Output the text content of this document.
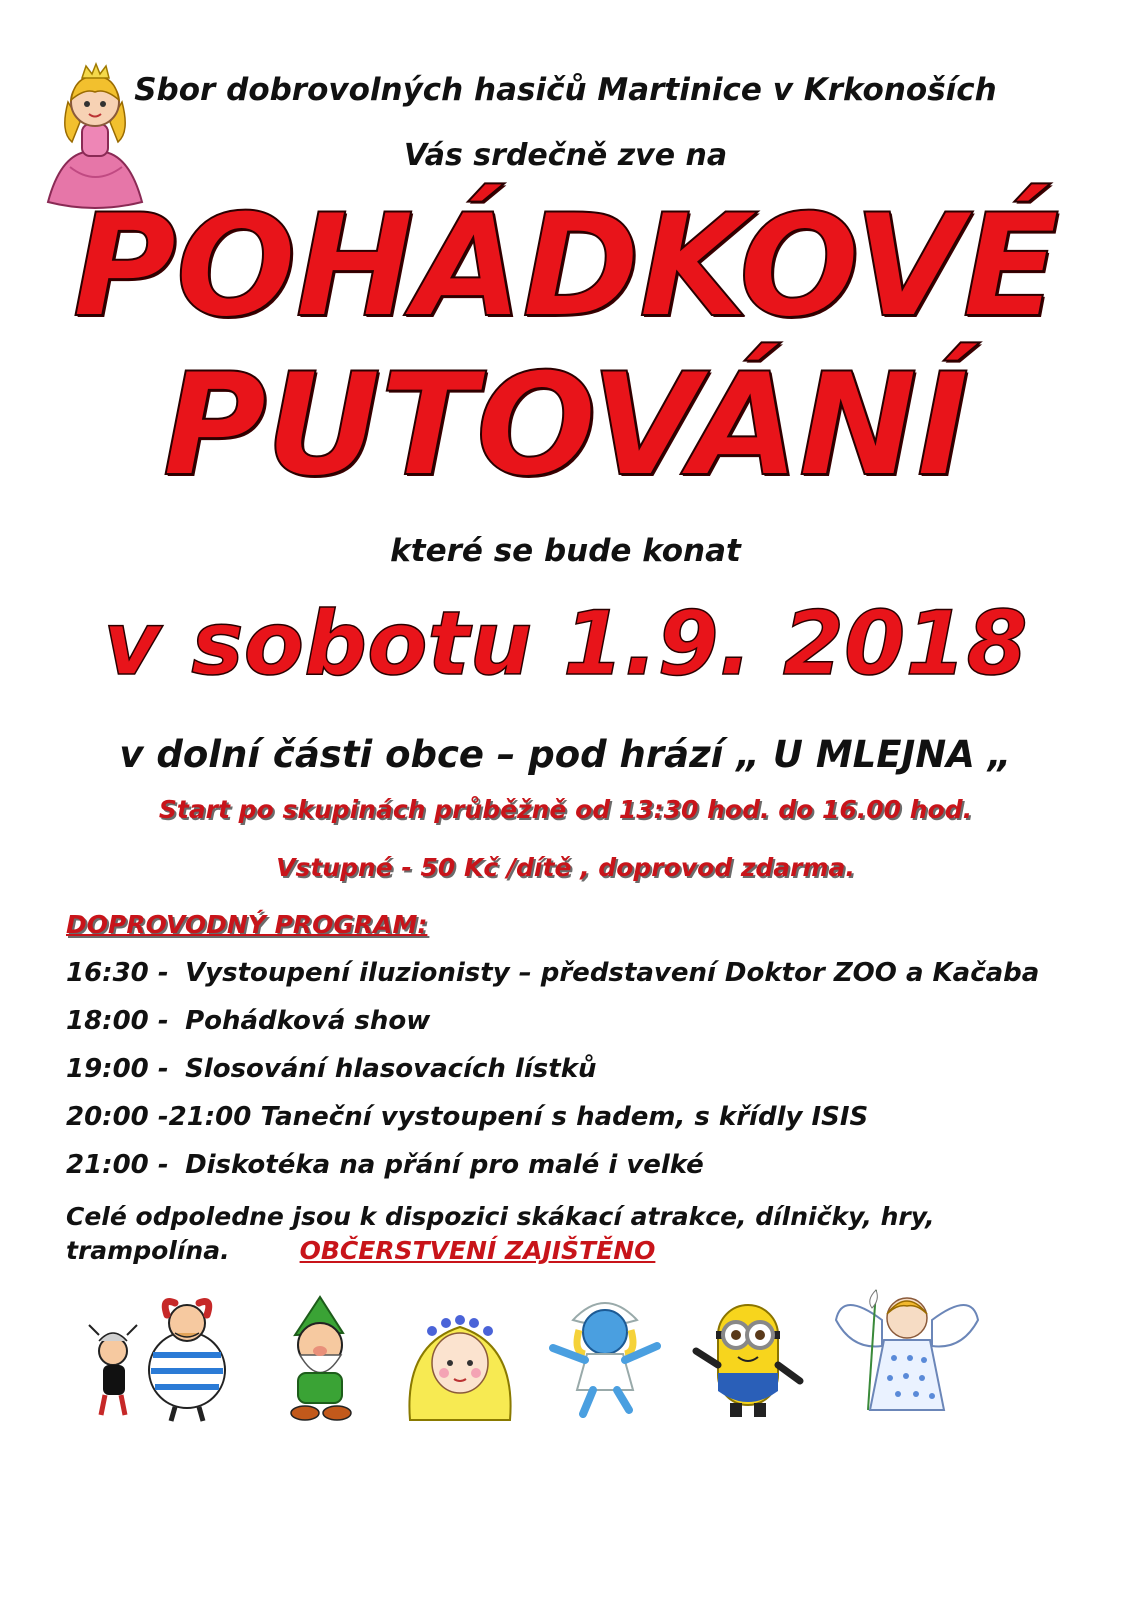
Sbor dobrovolných hasičů Martinice v Krkonoších
Vás srdečně zve na
POHÁDKOVÉ
PUTOVÁNÍ
které se bude konat
v sobotu 1.9. 2018
v dolní části obce – pod hrází „ U MLEJNA „
Start po skupinách průběžně od 13:30 hod. do 16.00 hod.
Vstupné - 50 Kč /dítě , doprovod zdarma.
DOPROVODNÝ PROGRAM:
16:30 - Vystoupení iluzionisty – představení Doktor ZOO a Kačaba
18:00 - Pohádková show
19:00 - Slosování hlasovacích lístků
20:00 -21:00 Taneční vystoupení s hadem, s křídly ISIS
21:00 - Diskotéka na přání pro malé i velké
Celé odpoledne jsou k dispozici skákací atrakce, dílničky, hry, trampolína.	OBČERSTVENÍ ZAJIŠTĚNO
